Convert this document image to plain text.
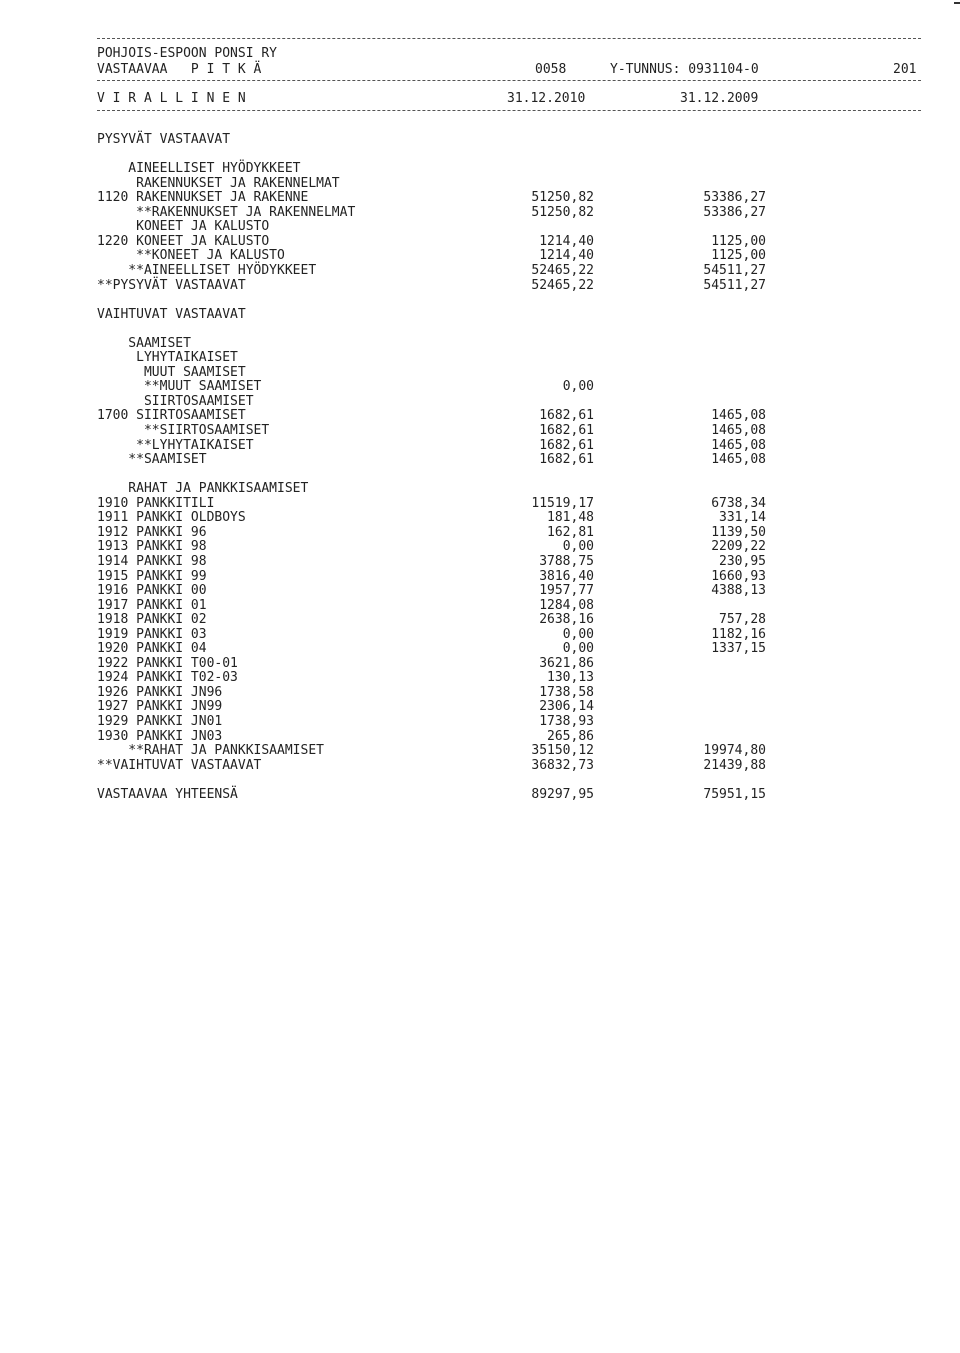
POHJOIS-ESPOON PONSI RY
VASTAAVAA   P I T K Ä	0058	Y-TUNNUS: 0931104-0	201
V I R A L L I N E N	31.12.2010	31.12.2009
PYSYVÄT VASTAAVAT
AINEELLISET HYÖDYKKEET
RAKENNUKSET JA RAKENNELMAT
1120 RAKENNUKSET JA RAKENNE	51250,82	53386,27
**RAKENNUKSET JA RAKENNELMAT	51250,82	53386,27
KONEET JA KALUSTO
1220 KONEET JA KALUSTO	1214,40	1125,00
**KONEET JA KALUSTO	1214,40	1125,00
**AINEELLISET HYÖDYKKEET	52465,22	54511,27
**PYSYVÄT VASTAAVAT	52465,22	54511,27
VAIHTUVAT VASTAAVAT
SAAMISET
LYHYTAIKAISET
MUUT SAAMISET
**MUUT SAAMISET	0,00
SIIRTOSAAMISET
1700 SIIRTOSAAMISET	1682,61	1465,08
**SIIRTOSAAMISET	1682,61	1465,08
**LYHYTAIKAISET	1682,61	1465,08
**SAAMISET	1682,61	1465,08
RAHAT JA PANKKISAAMISET
1910 PANKKITILI	11519,17	6738,34
1911 PANKKI OLDBOYS	181,48	331,14
1912 PANKKI 96	162,81	1139,50
1913 PANKKI 98	0,00	2209,22
1914 PANKKI 98	3788,75	230,95
1915 PANKKI 99	3816,40	1660,93
1916 PANKKI 00	1957,77	4388,13
1917 PANKKI 01	1284,08
1918 PANKKI 02	2638,16	757,28
1919 PANKKI 03	0,00	1182,16
1920 PANKKI 04	0,00	1337,15
1922 PANKKI T00-01	3621,86
1924 PANKKI T02-03	130,13
1926 PANKKI JN96	1738,58
1927 PANKKI JN99	2306,14
1929 PANKKI JN01	1738,93
1930 PANKKI JN03	265,86
**RAHAT JA PANKKISAAMISET	35150,12	19974,80
**VAIHTUVAT VASTAAVAT	36832,73	21439,88
VASTAAVAA YHTEENSÄ	89297,95	75951,15
